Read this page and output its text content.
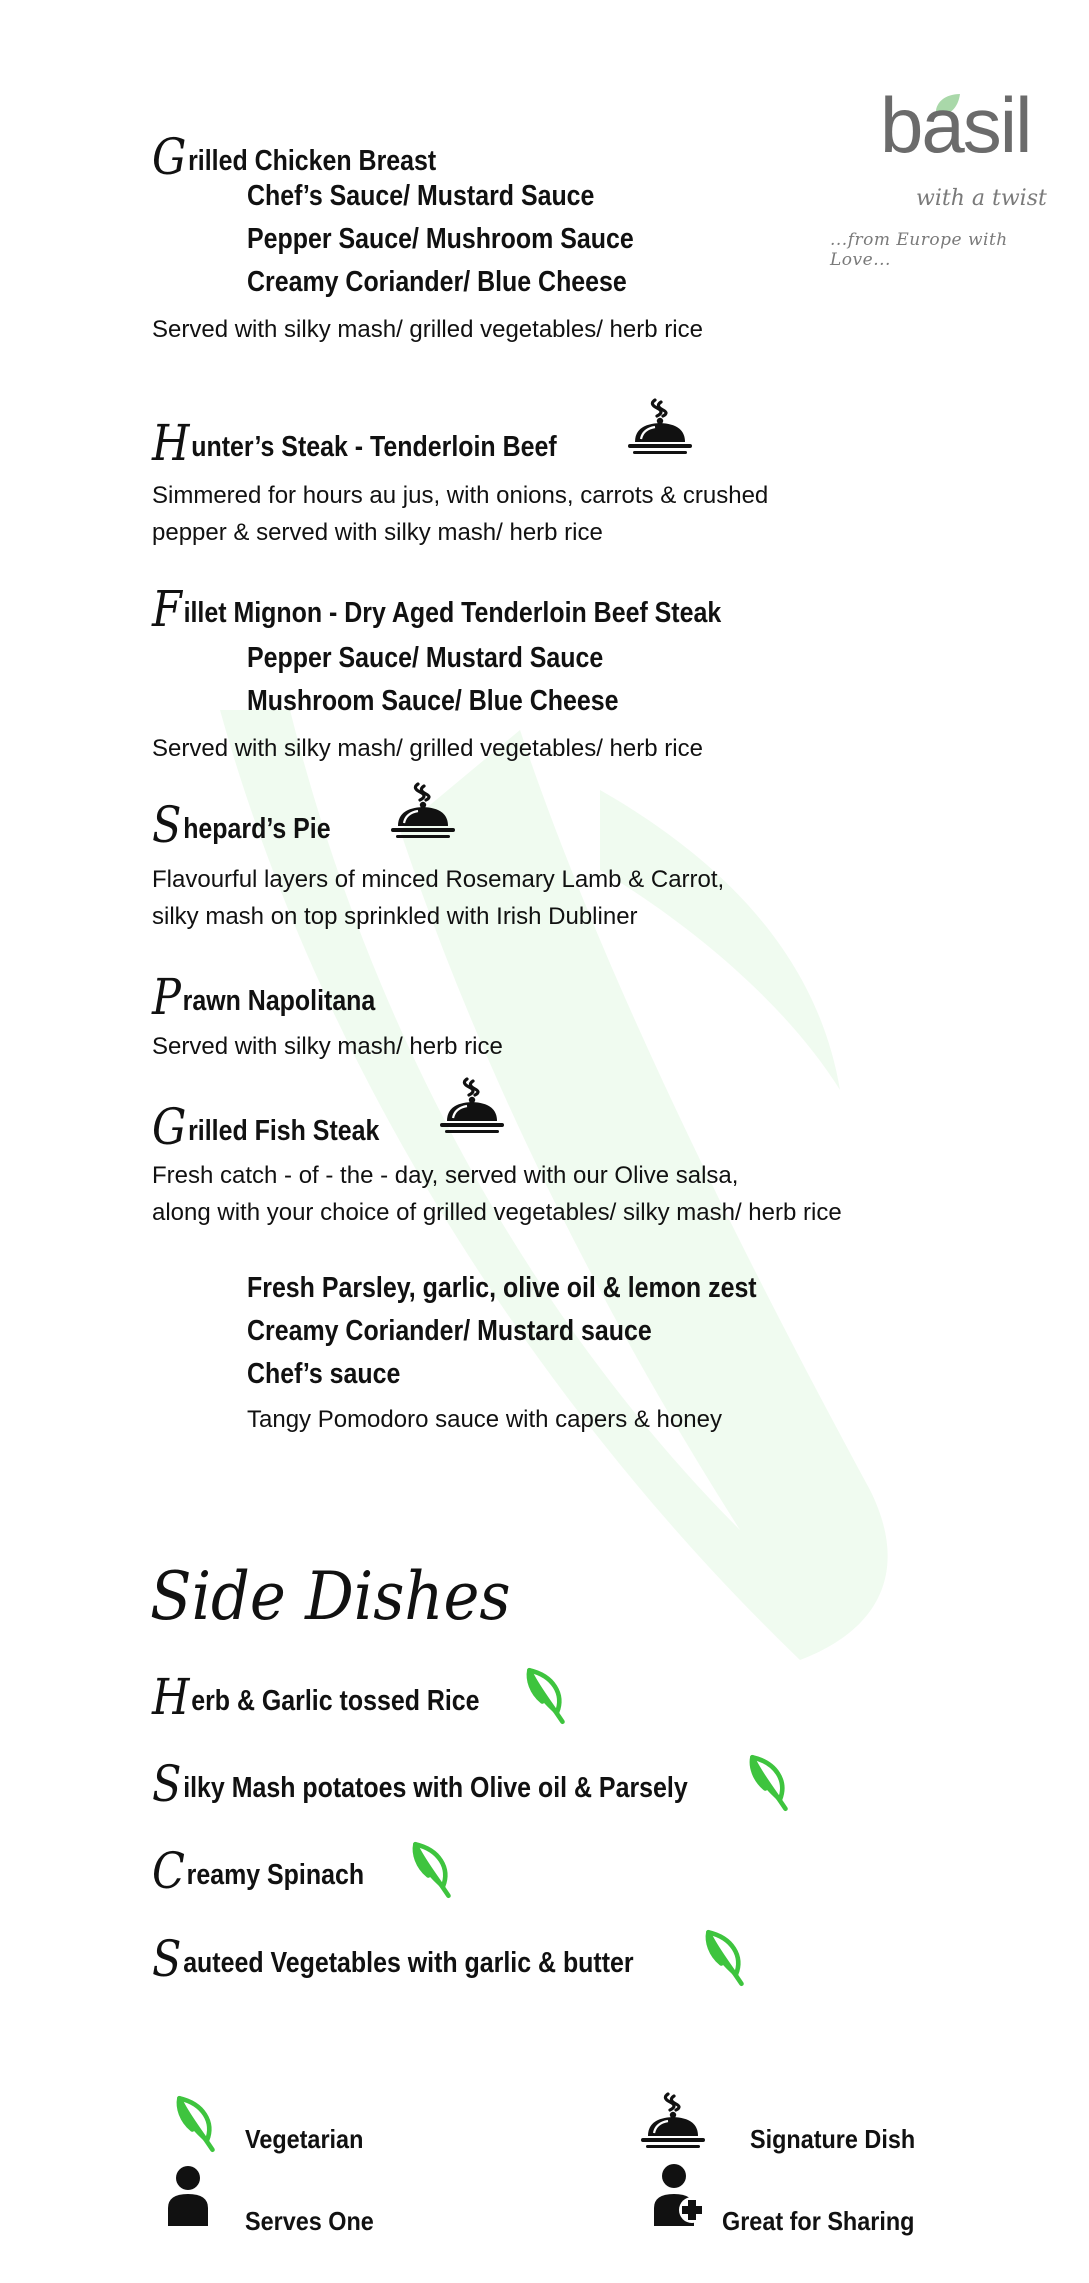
basil
with a twist
...from Europe with Love...
Grilled Chicken Breast
Chef’s Sauce/ Mustard Sauce
Pepper Sauce/ Mushroom Sauce
Creamy Coriander/ Blue Cheese
Served with silky mash/ grilled vegetables/ herb rice
Hunter’s Steak - Tenderloin Beef
Simmered for hours au jus, with onions, carrots & crushed
pepper & served with silky mash/ herb rice
Fillet Mignon - Dry Aged Tenderloin Beef Steak
Pepper Sauce/ Mustard Sauce
Mushroom Sauce/ Blue Cheese
Served with silky mash/ grilled vegetables/ herb rice
Shepard’s Pie
Flavourful layers of minced Rosemary Lamb & Carrot,
silky mash on top sprinkled with Irish Dubliner
Prawn Napolitana
Served with silky mash/ herb rice
Grilled Fish Steak
Fresh catch - of - the - day, served with our Olive salsa,
along with your choice of grilled vegetables/ silky mash/ herb rice
Fresh Parsley, garlic, olive oil & lemon zest
Creamy Coriander/ Mustard sauce
Chef’s sauce
Tangy Pomodoro sauce with capers & honey
Side Dishes
Herb & Garlic tossed Rice
Silky Mash potatoes with Olive oil & Parsely
Creamy Spinach
Sauteed Vegetables with garlic & butter
Vegetarian	Signature Dish
Serves One	Great for Sharing
